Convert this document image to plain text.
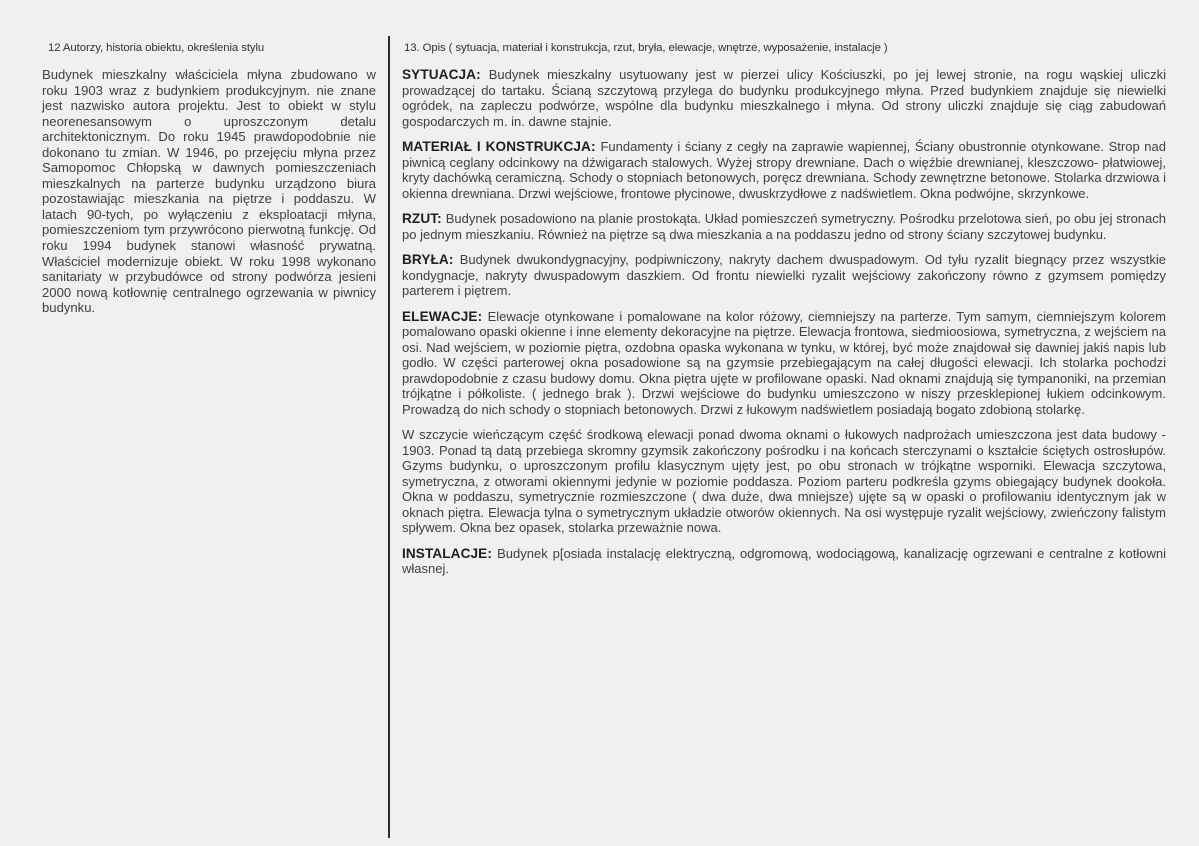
12 Autorzy, historia obiektu, określenia stylu

Budynek mieszkalny właściciela młyna zbudowano w roku 1903 wraz z budynkiem produkcyjnym. nie znane jest nazwisko autora projektu. Jest to obiekt w stylu neorenesansowym o uproszczonym detalu architektonicznym. Do roku 1945 prawdopodobnie nie dokonano tu zmian. W 1946, po przejęciu młyna przez Samopomoc Chłopską w dawnych pomieszczeniach mieszkalnych na parterze budynku urządzono biura pozostawiając mieszkania na piętrze i poddaszu. W latach 90-tych, po wyłączeniu z eksploatacji młyna, pomieszczeniom tym przywrócono pierwotną funkcję. Od roku 1994 budynek stanowi własność prywatną. Właściciel modernizuje obiekt. W roku 1998 wykonano sanitariaty w przybudówce od strony podwórza jesieni 2000 nową kotłownię centralnego ogrzewania w piwnicy budynku.

13. Opis ( sytuacja, materiał i konstrukcja, rzut, bryła, elewacje, wnętrze, wyposażenie, instalacje )

SYTUACJA: Budynek mieszkalny usytuowany jest w pierzei ulicy Kościuszki, po jej lewej stronie, na rogu wąskiej uliczki prowadzącej do tartaku. Ścianą szczytową przylega do budynku produkcyjnego młyna. Przed budynkiem znajduje się niewielki ogródek, na zapleczu podwórze, wspólne dla budynku mieszkalnego i młyna. Od strony uliczki znajduje się ciąg zabudowań gospodarczych m. in. dawne stajnie.

MATERIAŁ I KONSTRUKCJA: Fundamenty i ściany z cegły na zaprawie wapiennej, Ściany obustronnie otynkowane. Strop nad piwnicą ceglany odcinkowy na dźwigarach stalowych. Wyżej stropy drewniane. Dach o więźbie drewnianej, kleszczowo- płatwiowej, kryty dachówką ceramiczną. Schody o stopniach betonowych, poręcz drewniana. Schody zewnętrzne betonowe. Stolarka drzwiowa i okienna drewniana. Drzwi wejściowe, frontowe płycinowe, dwuskrzydłowe z nadświetlem. Okna podwójne, skrzynkowe.

RZUT: Budynek posadowiono na planie prostokąta. Układ pomieszczeń symetryczny. Pośrodku przelotowa sień, po obu jej stronach po jednym mieszkaniu. Również na piętrze są dwa mieszkania a na poddaszu jedno od strony ściany szczytowej budynku.

BRYŁA: Budynek dwukondygnacyjny, podpiwniczony, nakryty dachem dwuspadowym. Od tyłu ryzalit biegnący przez wszystkie kondygnacje, nakryty dwuspadowym daszkiem. Od frontu niewielki ryzalit wejściowy zakończony równo z gzymsem pomiędzy parterem i piętrem.

ELEWACJE: Elewacje otynkowane i pomalowane na kolor różowy, ciemniejszy na parterze. Tym samym, ciemniejszym kolorem pomalowano opaski okienne i inne elementy dekoracyjne na piętrze. Elewacja frontowa, siedmioosiowa, symetryczna, z wejściem na osi. Nad wejściem, w poziomie piętra, ozdobna opaska wykonana w tynku, w której, być może znajdował się dawniej jakiś napis lub godło. W części parterowej okna posadowione są na gzymsie przebiegającym na całej długości elewacji. Ich stolarka pochodzi prawdopodobnie z czasu budowy domu. Okna piętra ujęte w profilowane opaski. Nad oknami znajdują się tympanoniki, na przemian trójkątne i półkoliste. ( jednego brak ). Drzwi wejściowe do budynku umieszczono w niszy przesklepionej łukiem odcinkowym. Prowadzą do nich schody o stopniach betonowych. Drzwi z łukowym nadświetlem posiadają bogato zdobioną stolarkę.

W szczycie wieńczącym część środkową elewacji ponad dwoma oknami o łukowych nadprożach umieszczona jest data budowy - 1903. Ponad tą datą przebiega skromny gzymsik zakończony pośrodku i na końcach sterczynami o kształcie ściętych ostrosłupów. Gzyms budynku, o uproszczonym profilu klasycznym ujęty jest, po obu stronach w trójkątne wsporniki. Elewacja szczytowa, symetryczna, z otworami okiennymi jedynie w poziomie poddasza. Poziom parteru podkreśla gzyms obiegający budynek dookoła. Okna w poddaszu, symetrycznie rozmieszczone ( dwa duże, dwa mniejsze) ujęte są w opaski o profilowaniu identycznym jak w oknach piętra. Elewacja tylna o symetrycznym układzie otworów okiennych. Na osi występuje ryzalit wejściowy, zwieńczony falistym spływem. Okna bez opasek, stolarka przeważnie nowa.

INSTALACJE: Budynek p[osiada instalację elektryczną, odgromową, wodociągową, kanalizację ogrzewani e centralne z kotłowni własnej.
